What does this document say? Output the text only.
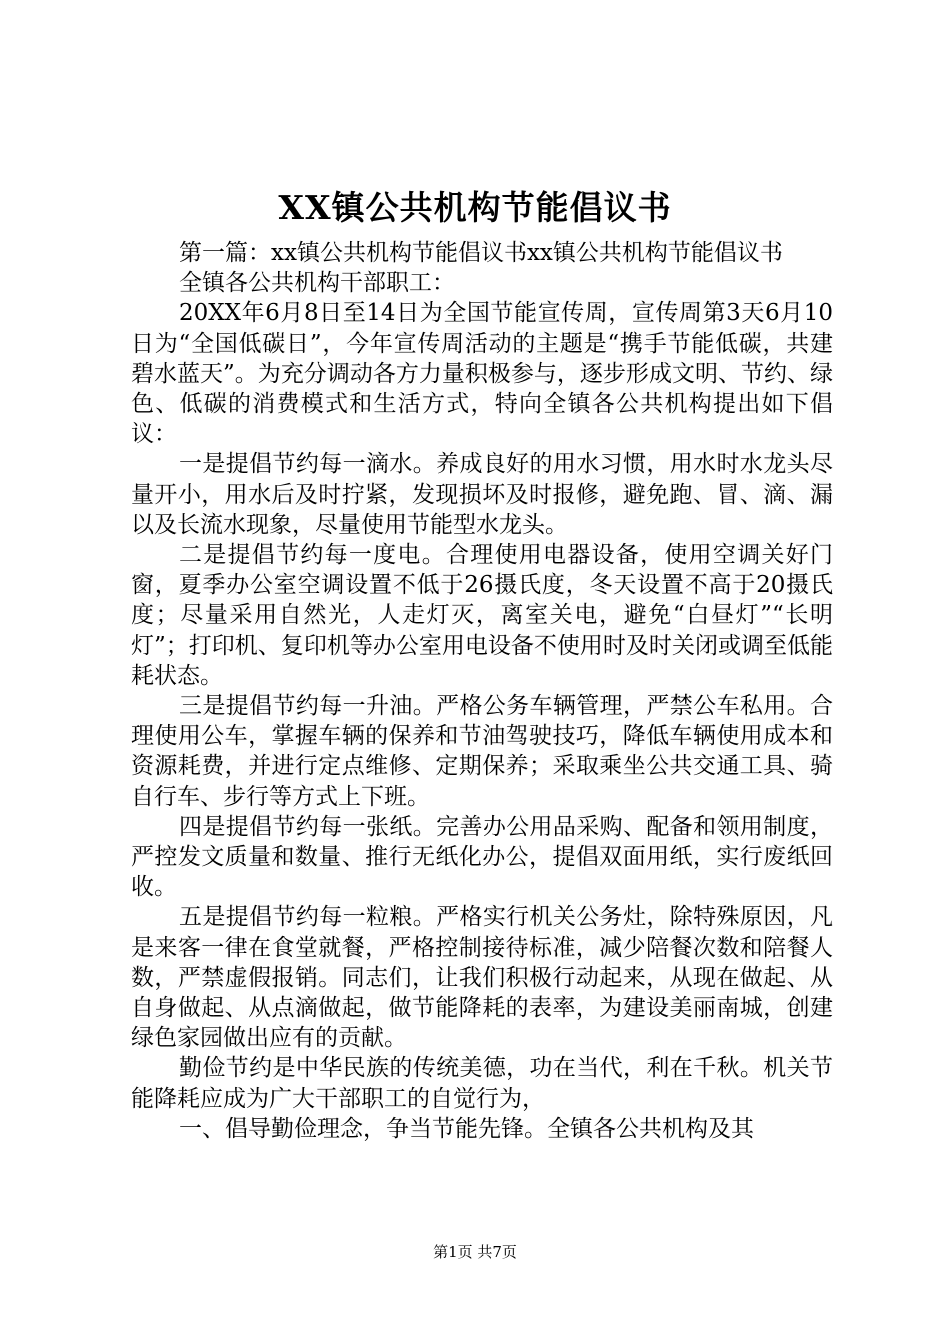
XX镇公共机构节能倡议书

第一篇：xx镇公共机构节能倡议书xx镇公共机构节能倡议书

全镇各公共机构干部职工：

20XX年6月8日至14日为全国节能宣传周，宣传周第3天6月10日为“全国低碳日”，今年宣传周活动的主题是“携手节能低碳，共建碧水蓝天”。为充分调动各方力量积极参与，逐步形成文明、节约、绿色、低碳的消费模式和生活方式，特向全镇各公共机构提出如下倡议：

一是提倡节约每一滴水。养成良好的用水习惯，用水时水龙头尽量开小，用水后及时拧紧，发现损坏及时报修，避免跑、冒、滴、漏以及长流水现象，尽量使用节能型水龙头。

二是提倡节约每一度电。合理使用电器设备，使用空调关好门窗，夏季办公室空调设置不低于26摄氏度，冬天设置不高于20摄氏度；尽量采用自然光，人走灯灭，离室关电，避免“白昼灯”“长明灯”；打印机、复印机等办公室用电设备不使用时及时关闭或调至低能耗状态。

三是提倡节约每一升油。严格公务车辆管理，严禁公车私用。合理使用公车，掌握车辆的保养和节油驾驶技巧，降低车辆使用成本和资源耗费，并进行定点维修、定期保养；采取乘坐公共交通工具、骑自行车、步行等方式上下班。

四是提倡节约每一张纸。完善办公用品采购、配备和领用制度，严控发文质量和数量、推行无纸化办公，提倡双面用纸，实行废纸回收。

五是提倡节约每一粒粮。严格实行机关公务灶，除特殊原因，凡是来客一律在食堂就餐，严格控制接待标准，减少陪餐次数和陪餐人数，严禁虚假报销。同志们，让我们积极行动起来，从现在做起、从自身做起、从点滴做起，做节能降耗的表率，为建设美丽南城，创建绿色家园做出应有的贡献。

勤俭节约是中华民族的传统美德，功在当代，利在千秋。机关节能降耗应成为广大干部职工的自觉行为，

一、倡导勤俭理念，争当节能先锋。全镇各公共机构及其

第1页 共7页
